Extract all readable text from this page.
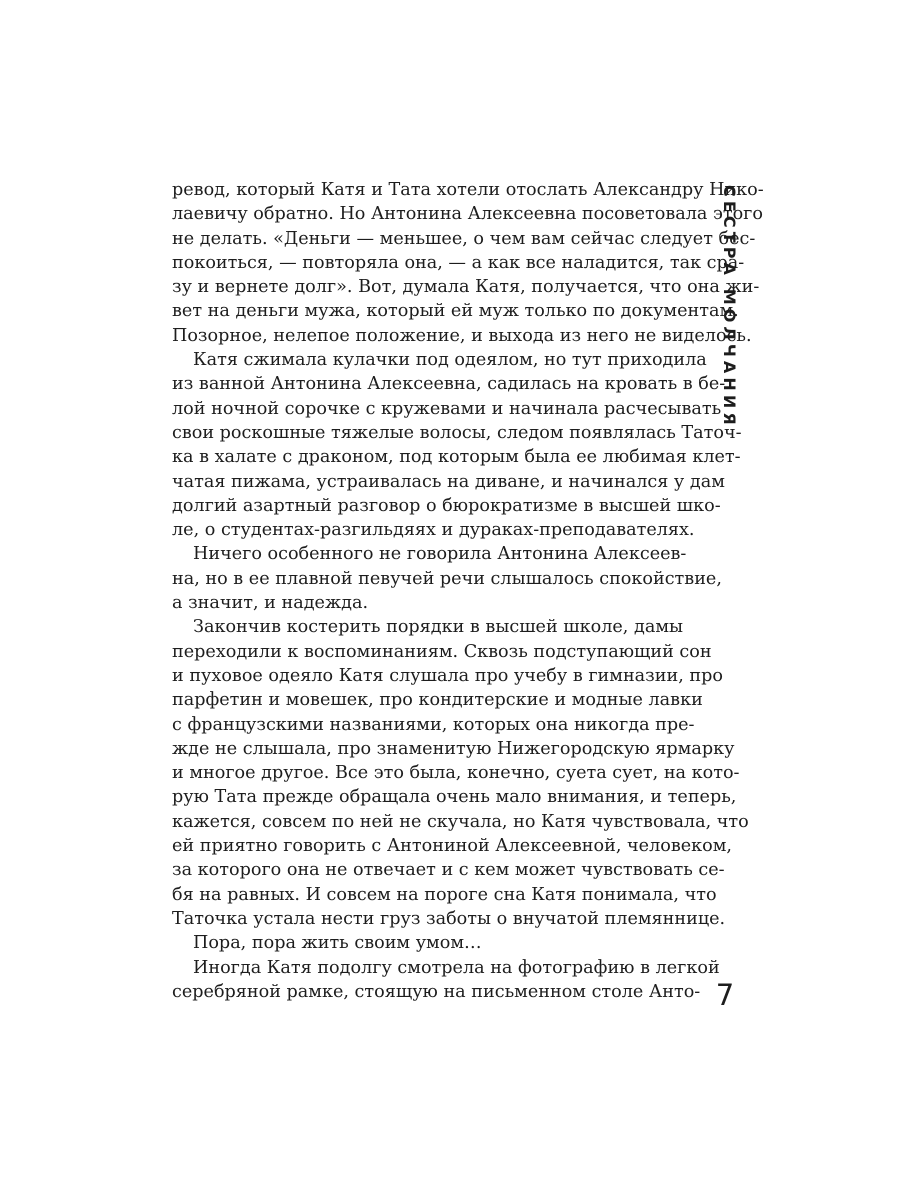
ревод, который Катя и Тата хотели отослать Александру Нико-
лаевичу обратно. Но Антонина Алексеевна посоветовала этого
не делать. «Деньги — меньшее, о чем вам сейчас следует бес-
покоиться, — повторяла она, — а как все наладится, так сра-
зу и вернете долг». Вот, думала Катя, получается, что она жи-
вет на деньги мужа, который ей муж только по документам.
Позорное, нелепое положение, и выхода из него не виделось.
Катя сжимала кулачки под одеялом, но тут приходила
из ванной Антонина Алексеевна, садилась на кровать в бе-
лой ночной сорочке с кружевами и начинала расчесывать
свои роскошные тяжелые волосы, следом появлялась Таточ-
ка в халате с драконом, под которым была ее любимая клет-
чатая пижама, устраивалась на диване, и начинался у дам
долгий азартный разговор о бюрократизме в высшей шко-
ле, о студентах-разгильдяях и дураках-преподавателях.
Ничего особенного не говорила Антонина Алексеев-
на, но в ее плавной певучей речи слышалось спокойствие,
а значит, и надежда.
Закончив костерить порядки в высшей школе, дамы
переходили к воспоминаниям. Сквозь подступающий сон
и пуховое одеяло Катя слушала про учебу в гимназии, про
парфетин и мовешек, про кондитерские и модные лавки
с французскими названиями, которых она никогда пре-
жде не слышала, про знаменитую Нижегородскую ярмарку
и многое другое. Все это была, конечно, суета сует, на кото-
рую Тата прежде обращала очень мало внимания, и теперь,
кажется, совсем по ней не скучала, но Катя чувствовала, что
ей приятно говорить с Антониной Алексеевной, человеком,
за которого она не отвечает и с кем может чувствовать се-
бя на равных. И совсем на пороге сна Катя понимала, что
Таточка устала нести груз заботы о внучатой племяннице.
Пора, пора жить своим умом…
Иногда Катя подолгу смотрела на фотографию в легкой
серебряной рамке, стоящую на письменном столе Анто-
СЕСТРА МОЛЧАНИЯ
7
